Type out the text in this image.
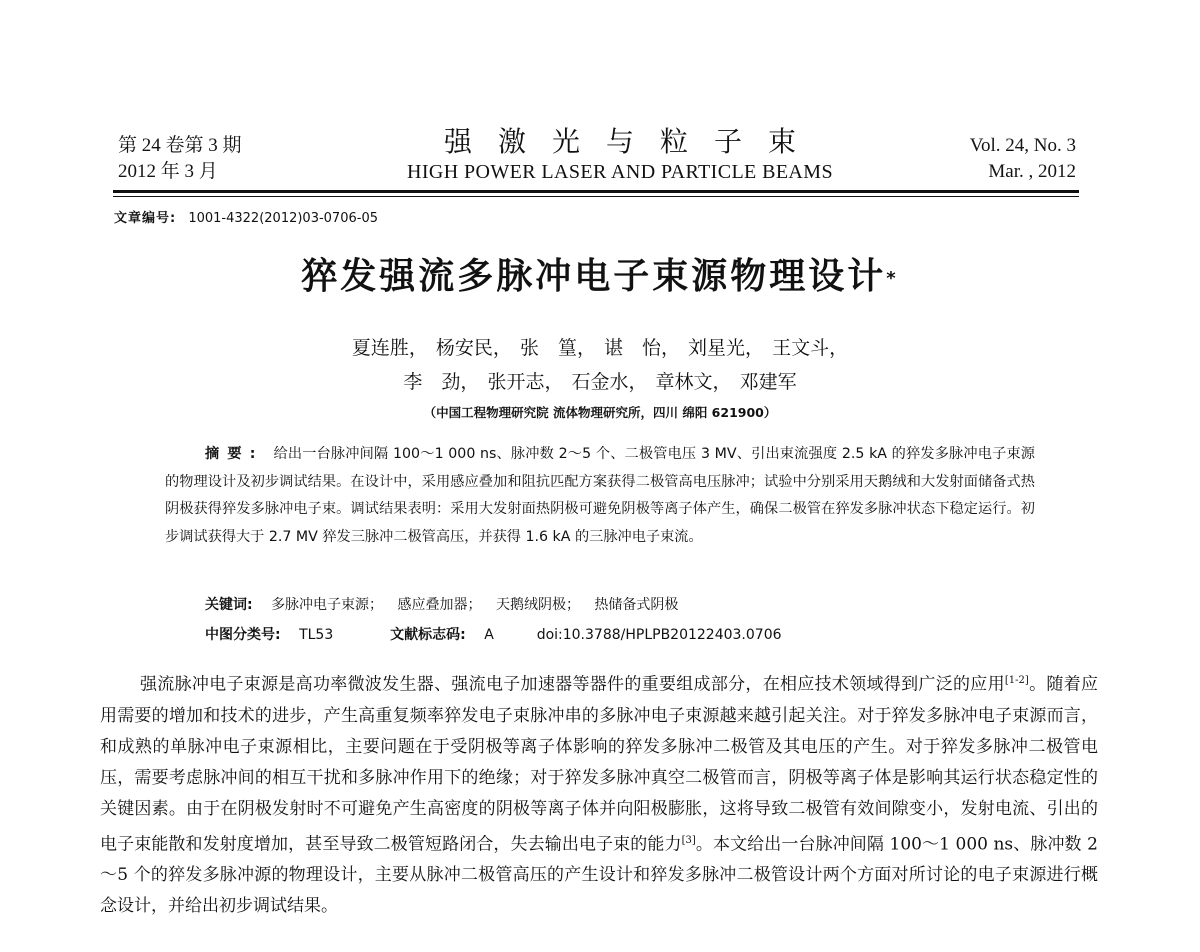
第 24 卷第 3 期
2012 年 3 月
强激光与粒子束
HIGH POWER LASER AND PARTICLE BEAMS
Vol. 24, No. 3
Mar. , 2012
文章编号: 1001-4322(2012)03-0706-05
猝发强流多脉冲电子束源物理设计*
夏连胜， 杨安民， 张　篁， 谌　怡， 刘星光， 王文斗，
李　劲， 张开志， 石金水， 章林文， 邓建军
（中国工程物理研究院 流体物理研究所，四川 绵阳 621900）
摘要: 给出一台脉冲间隔 100～1 000 ns、脉冲数 2～5 个、二极管电压 3 MV、引出束流强度 2.5 kA 的猝发多脉冲电子束源的物理设计及初步调试结果。在设计中，采用感应叠加和阻抗匹配方案获得二极管高电压脉冲；试验中分别采用天鹅绒和大发射面储备式热阴极获得猝发多脉冲电子束。调试结果表明：采用大发射面热阴极可避免阴极等离子体产生，确保二极管在猝发多脉冲状态下稳定运行。初步调试获得大于 2.7 MV 猝发三脉冲二极管高压，并获得 1.6 kA 的三脉冲电子束流。
关键词: 多脉冲电子束源； 感应叠加器； 天鹅绒阴极； 热储备式阴极
中图分类号: TL53	文献标志码: A	doi:10.3788/HPLPB20122403.0706

强流脉冲电子束源是高功率微波发生器、强流电子加速器等器件的重要组成部分，在相应技术领域得到广泛的应用[1-2]。随着应用需要的增加和技术的进步，产生高重复频率猝发电子束脉冲串的多脉冲电子束源越来越引起关注。对于猝发多脉冲电子束源而言，和成熟的单脉冲电子束源相比，主要问题在于受阴极等离子体影响的猝发多脉冲二极管及其电压的产生。对于猝发多脉冲二极管电压，需要考虑脉冲间的相互干扰和多脉冲作用下的绝缘；对于猝发多脉冲真空二极管而言，阴极等离子体是影响其运行状态稳定性的关键因素。由于在阴极发射时不可避免产生高密度的阴极等离子体并向阳极膨胀，这将导致二极管有效间隙变小，发射电流、引出的电子束能散和发射度增加，甚至导致二极管短路闭合，失去输出电子束的能力[3]。本文给出一台脉冲间隔 100～1 000 ns、脉冲数 2～5 个的猝发多脉冲源的物理设计，主要从脉冲二极管高压的产生设计和猝发多脉冲二极管设计两个方面对所讨论的电子束源进行概念设计，并给出初步调试结果。
